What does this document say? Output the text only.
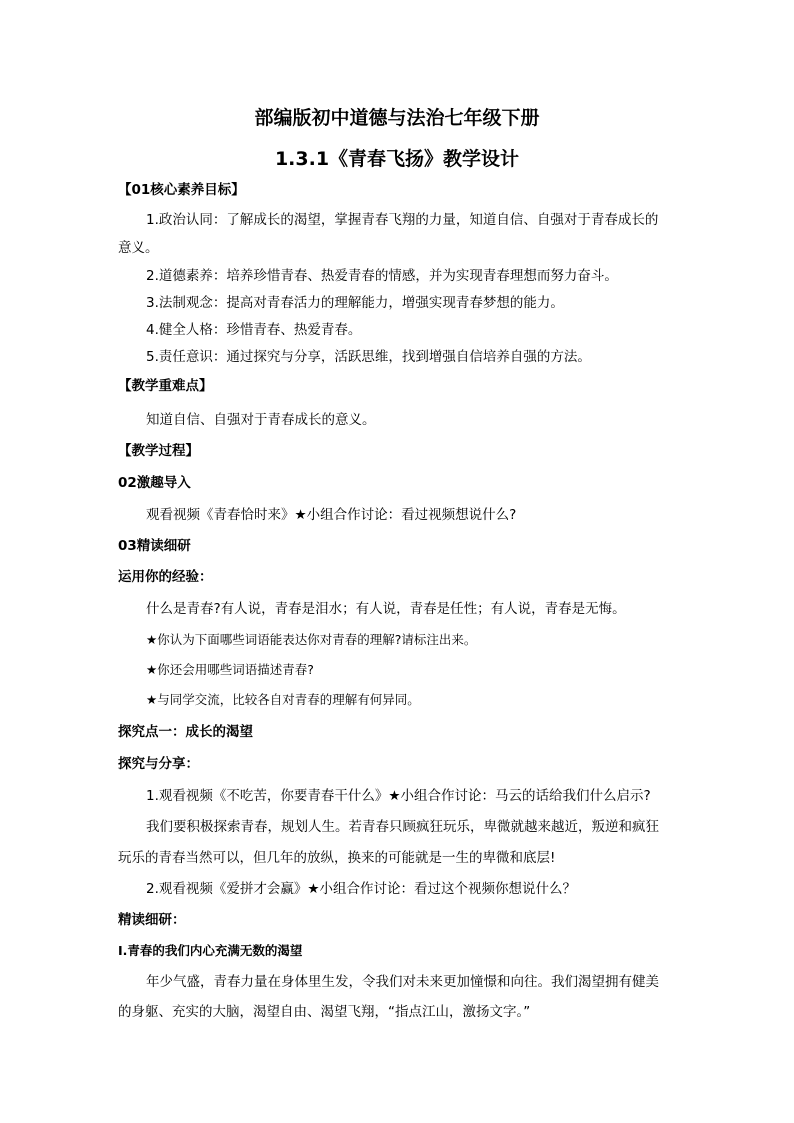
部编版初中道德与法治七年级下册
1.3.1《青春飞扬》教学设计
【01核心素养目标】
1.政治认同：了解成长的渴望，掌握青春飞翔的力量，知道自信、自强对于青春成长的
意义。
2.道德素养：培养珍惜青春、热爱青春的情感，并为实现青春理想而努力奋斗。
3.法制观念：提高对青春活力的理解能力，增强实现青春梦想的能力。
4.健全人格：珍惜青春、热爱青春。
5.责任意识：通过探究与分享，活跃思维，找到增强自信培养自强的方法。
【教学重难点】
知道自信、自强对于青春成长的意义。
【教学过程】
02激趣导入
观看视频《青春恰时来》★小组合作讨论：看过视频想说什么?
03精读细研
运用你的经验：
什么是青春?有人说，青春是泪水；有人说，青春是任性；有人说，青春是无悔。
★你认为下面哪些词语能表达你对青春的理解?请标注出来。
★你还会用哪些词语描述青春?
★与同学交流，比较各自对青春的理解有何异同。
探究点一：成长的渴望
探究与分享：
1.观看视频《不吃苦，你要青春干什么》★小组合作讨论：马云的话给我们什么启示?
我们要积极探索青春，规划人生。若青春只顾疯狂玩乐，卑微就越来越近，叛逆和疯狂
玩乐的青春当然可以，但几年的放纵，换来的可能就是一生的卑微和底层!
2.观看视频《爱拼才会赢》★小组合作讨论：看过这个视频你想说什么？
精读细研：
Ⅰ.青春的我们内心充满无数的渴望
年少气盛，青春力量在身体里生发，令我们对未来更加憧憬和向往。我们渴望拥有健美
的身躯、充实的大脑，渴望自由、渴望飞翔，“指点江山，激扬文字。”
